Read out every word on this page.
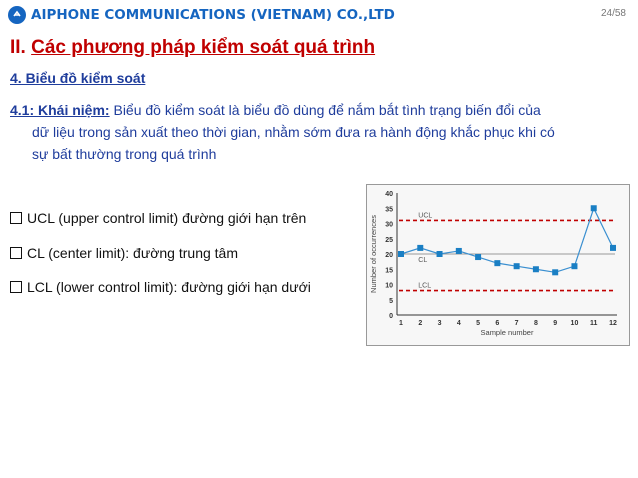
AIPHONE COMMUNICATIONS (VIETNAM) CO.,LTD	24/58
II. Các phương pháp kiểm soát quá trình
4. Biểu đồ kiểm soát
4.1: Khái niệm: Biểu đồ kiểm soát là biểu đồ dùng để nắm bắt tình trạng biến đổi của
dữ liệu trong sản xuất theo thời gian, nhằm sớm đưa ra hành động khắc phục khi có
sự bất thường trong quá trình
UCL (upper control limit) đường giới hạn trên
CL (center limit): đường trung tâm
LCL (lower control limit): đường giới hạn dưới
0
5
10
15
20
25
30
35
40
1 2 3 4 5 6 7 8 9 10 11 12
Sample number
Number of occurrences	UCL
CL
LCL
